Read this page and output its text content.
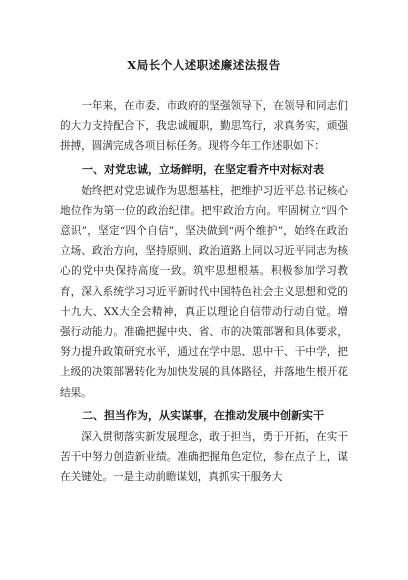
X局长个人述职述廉述法报告

一年来，在市委、市政府的坚强领导下，在领导和同志们的大力支持配合下，我忠诚履职，勤思笃行，求真务实，顽强拼搏，圆满完成各项目标任务。现将今年工作述职如下：

一、对党忠诚，立场鲜明，在坚定看齐中对标对表

始终把对党忠诚作为思想基柱，把维护习近平总书记核心地位作为第一位的政治纪律。把牢政治方向。牢固树立“四个意识”，坚定“四个自信”，坚决做到“两个维护”，始终在政治立场、政治方向，坚持原则、政治道路上同以习近平同志为核心的党中央保持高度一致。筑牢思想根基。积极参加学习教育，深入系统学习习近平新时代中国特色社会主义思想和党的十九大、XX大全会精神，真正以理论自信带动行动自觉。增强行动能力。准确把握中央、省、市的决策部署和具体要求，努力提升政策研究水平，通过在学中思、思中干、干中学，把上级的决策部署转化为加快发展的具体路径，并落地生根开花结果。

二、担当作为，从实谋事，在推动发展中创新实干

深入贯彻落实新发展理念，敢于担当，勇于开拓，在实干苦干中努力创造新业绩。准确把握角色定位，参在点子上，谋在关键处。一是主动前瞻谋划，真抓实干服务大
